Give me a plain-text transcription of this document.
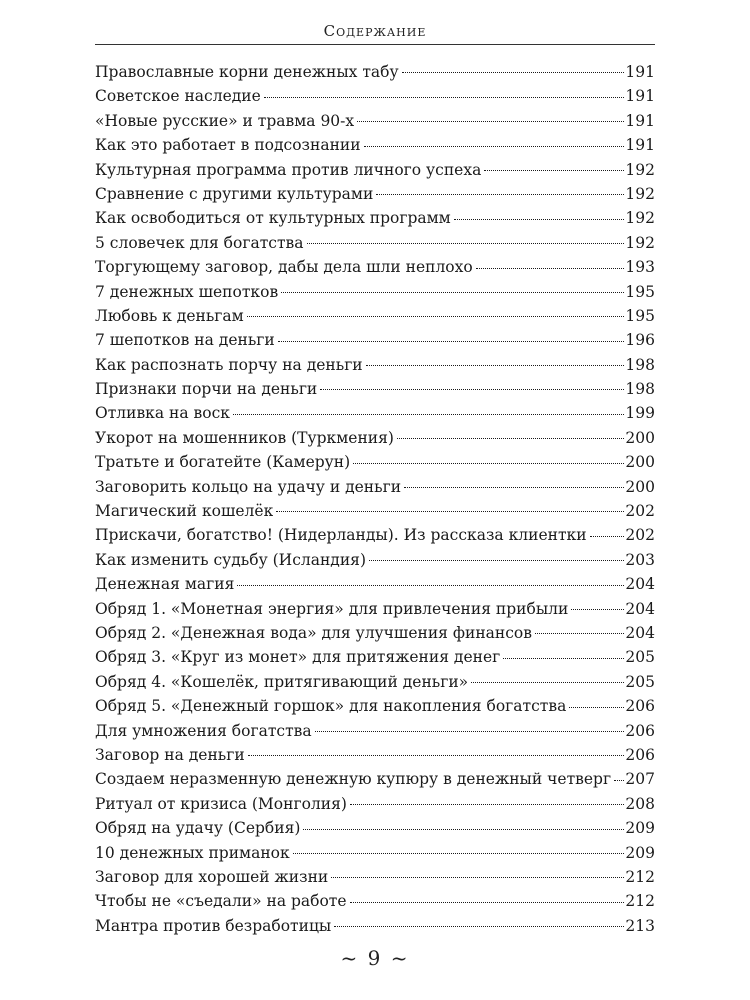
Содержание
Православные корни денежных табу	191
Советское наследие	191
«Новые русские» и травма 90-х	191
Как это работает в подсознании	191
Культурная программа против личного успеха	192
Сравнение с другими культурами	192
Как освободиться от культурных программ	192
5 словечек для богатства	192
Торгующему заговор, дабы дела шли неплохо	193
7 денежных шепотков	195
Любовь к деньгам	195
7 шепотков на деньги	196
Как распознать порчу на деньги	198
Признаки порчи на деньги	198
Отливка на воск	199
Укорот на мошенников (Туркмения)	200
Тратьте и богатейте (Камерун)	200
Заговорить кольцо на удачу и деньги	200
Магический кошелёк	202
Прискачи, богатство! (Нидерланды). Из рассказа клиентки	202
Как изменить судьбу (Исландия)	203
Денежная магия	204
Обряд 1. «Монетная энергия» для привлечения прибыли	204
Обряд 2. «Денежная вода» для улучшения финансов	204
Обряд 3. «Круг из монет» для притяжения денег	205
Обряд 4. «Кошелёк, притягивающий деньги»	205
Обряд 5. «Денежный горшок» для накопления богатства	206
Для умножения богатства	206
Заговор на деньги	206
Создаем неразменную денежную купюру в денежный четверг 207
Ритуал от кризиса (Монголия)	208
Обряд на удачу (Сербия)	209
10 денежных приманок	209
Заговор для хорошей жизни	212
Чтобы не «съедали» на работе	212
Мантра против безработицы	213
~ 9 ~
